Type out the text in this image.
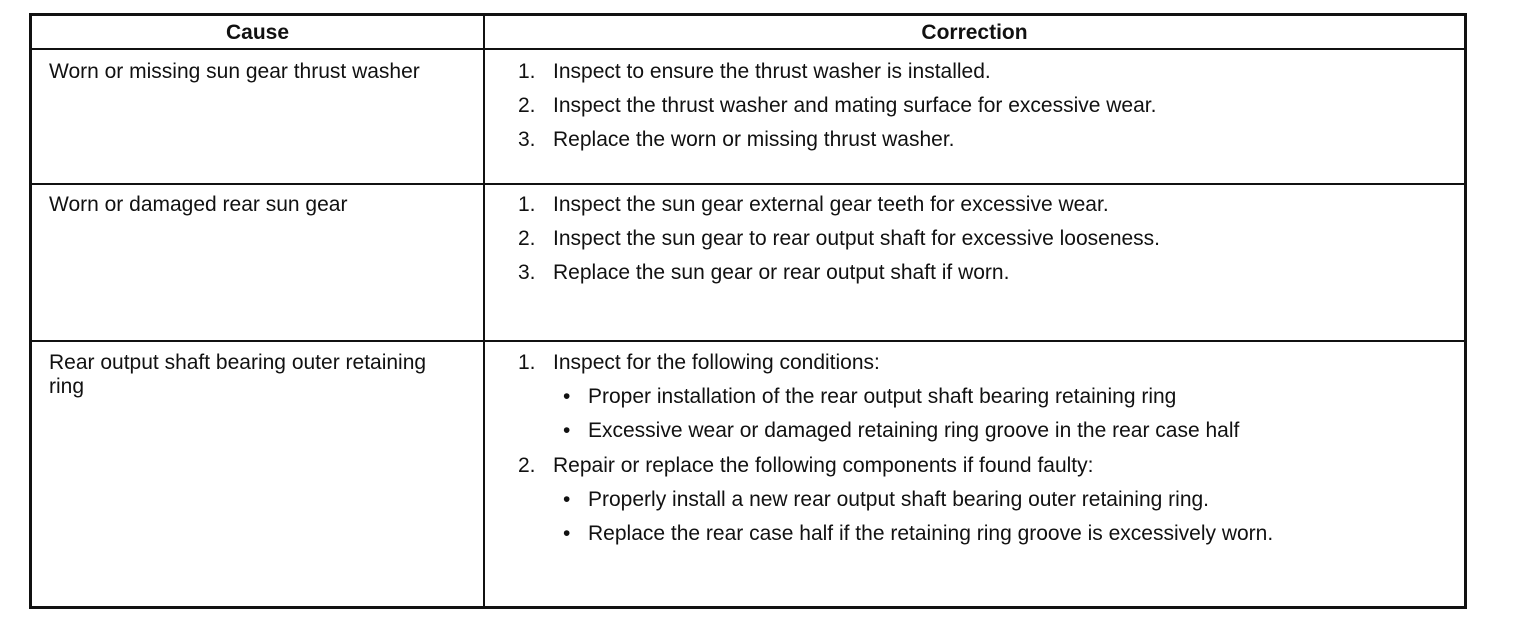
Cause	Correction
Worn or missing sun gear thrust washer	1. Inspect to ensure the thrust washer is installed.
2. Inspect the thrust washer and mating surface for excessive wear.
3. Replace the worn or missing thrust washer.
Worn or damaged rear sun gear	1. Inspect the sun gear external gear teeth for excessive wear.
2. Inspect the sun gear to rear output shaft for excessive looseness.
3. Replace the sun gear or rear output shaft if worn.
Rear output shaft bearing outer retaining ring
1. Inspect for the following conditions:
• Proper installation of the rear output shaft bearing retaining ring
• Excessive wear or damaged retaining ring groove in the rear case half
2. Repair or replace the following components if found faulty:
• Properly install a new rear output shaft bearing outer retaining ring.
• Replace the rear case half if the retaining ring groove is excessively worn.
